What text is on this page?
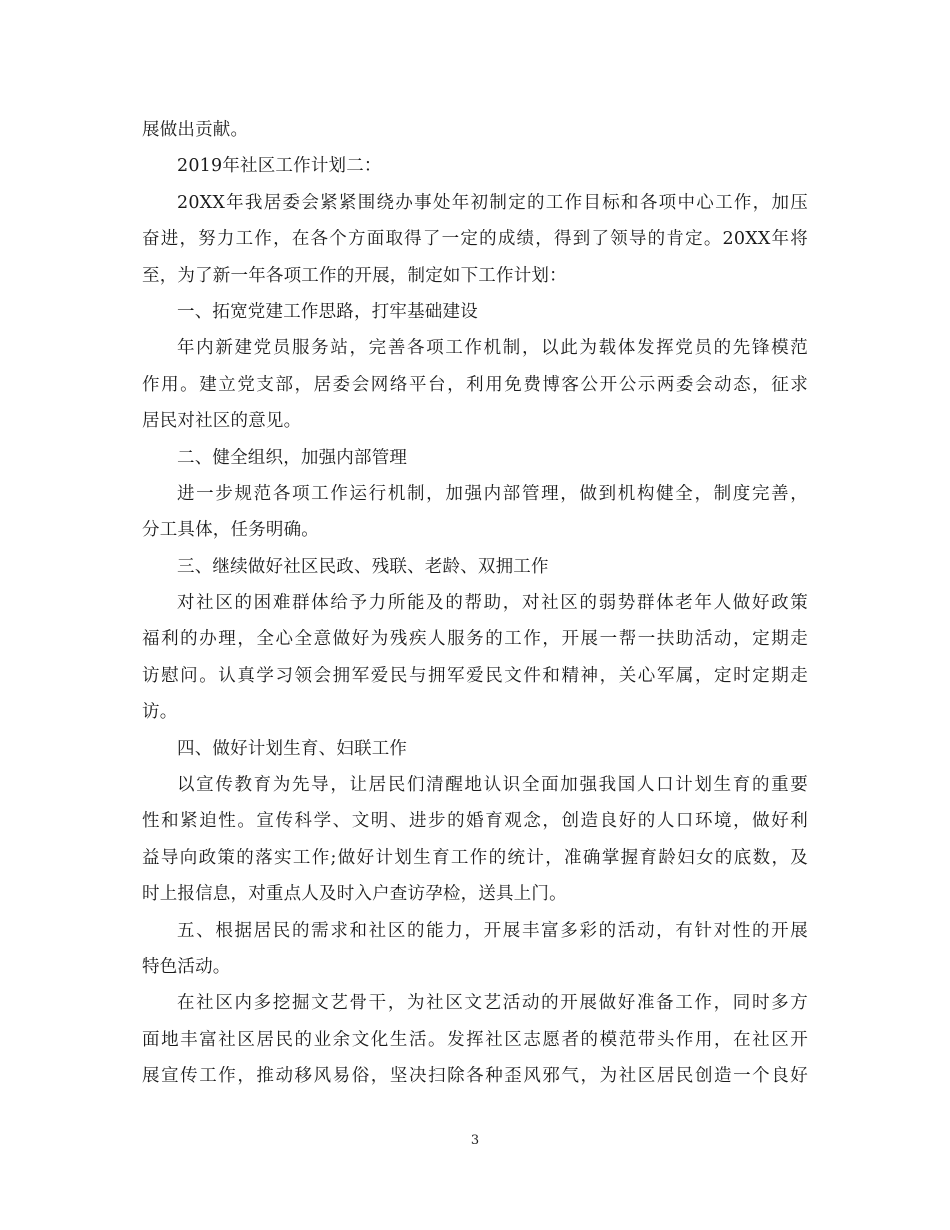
展做出贡献。
2019年社区工作计划二：
20XX年我居委会紧紧围绕办事处年初制定的工作目标和各项中心工作，加压
奋进，努力工作，在各个方面取得了一定的成绩，得到了领导的肯定。20XX年将
至，为了新一年各项工作的开展，制定如下工作计划：
一、拓宽党建工作思路，打牢基础建设
年内新建党员服务站，完善各项工作机制，以此为载体发挥党员的先锋模范
作用。建立党支部，居委会网络平台，利用免费博客公开公示两委会动态，征求
居民对社区的意见。
二、健全组织，加强内部管理
进一步规范各项工作运行机制，加强内部管理，做到机构健全，制度完善，
分工具体，任务明确。
三、继续做好社区民政、残联、老龄、双拥工作
对社区的困难群体给予力所能及的帮助，对社区的弱势群体老年人做好政策
福利的办理，全心全意做好为残疾人服务的工作，开展一帮一扶助活动，定期走
访慰问。认真学习领会拥军爱民与拥军爱民文件和精神，关心军属，定时定期走
访。
四、做好计划生育、妇联工作
以宣传教育为先导，让居民们清醒地认识全面加强我国人口计划生育的重要
性和紧迫性。宣传科学、文明、进步的婚育观念，创造良好的人口环境，做好利
益导向政策的落实工作;做好计划生育工作的统计，准确掌握育龄妇女的底数，及
时上报信息，对重点人及时入户查访孕检，送具上门。
五、根据居民的需求和社区的能力，开展丰富多彩的活动，有针对性的开展
特色活动。
在社区内多挖掘文艺骨干，为社区文艺活动的开展做好准备工作，同时多方
面地丰富社区居民的业余文化生活。发挥社区志愿者的模范带头作用，在社区开
展宣传工作，推动移风易俗，坚决扫除各种歪风邪气，为社区居民创造一个良好
3
